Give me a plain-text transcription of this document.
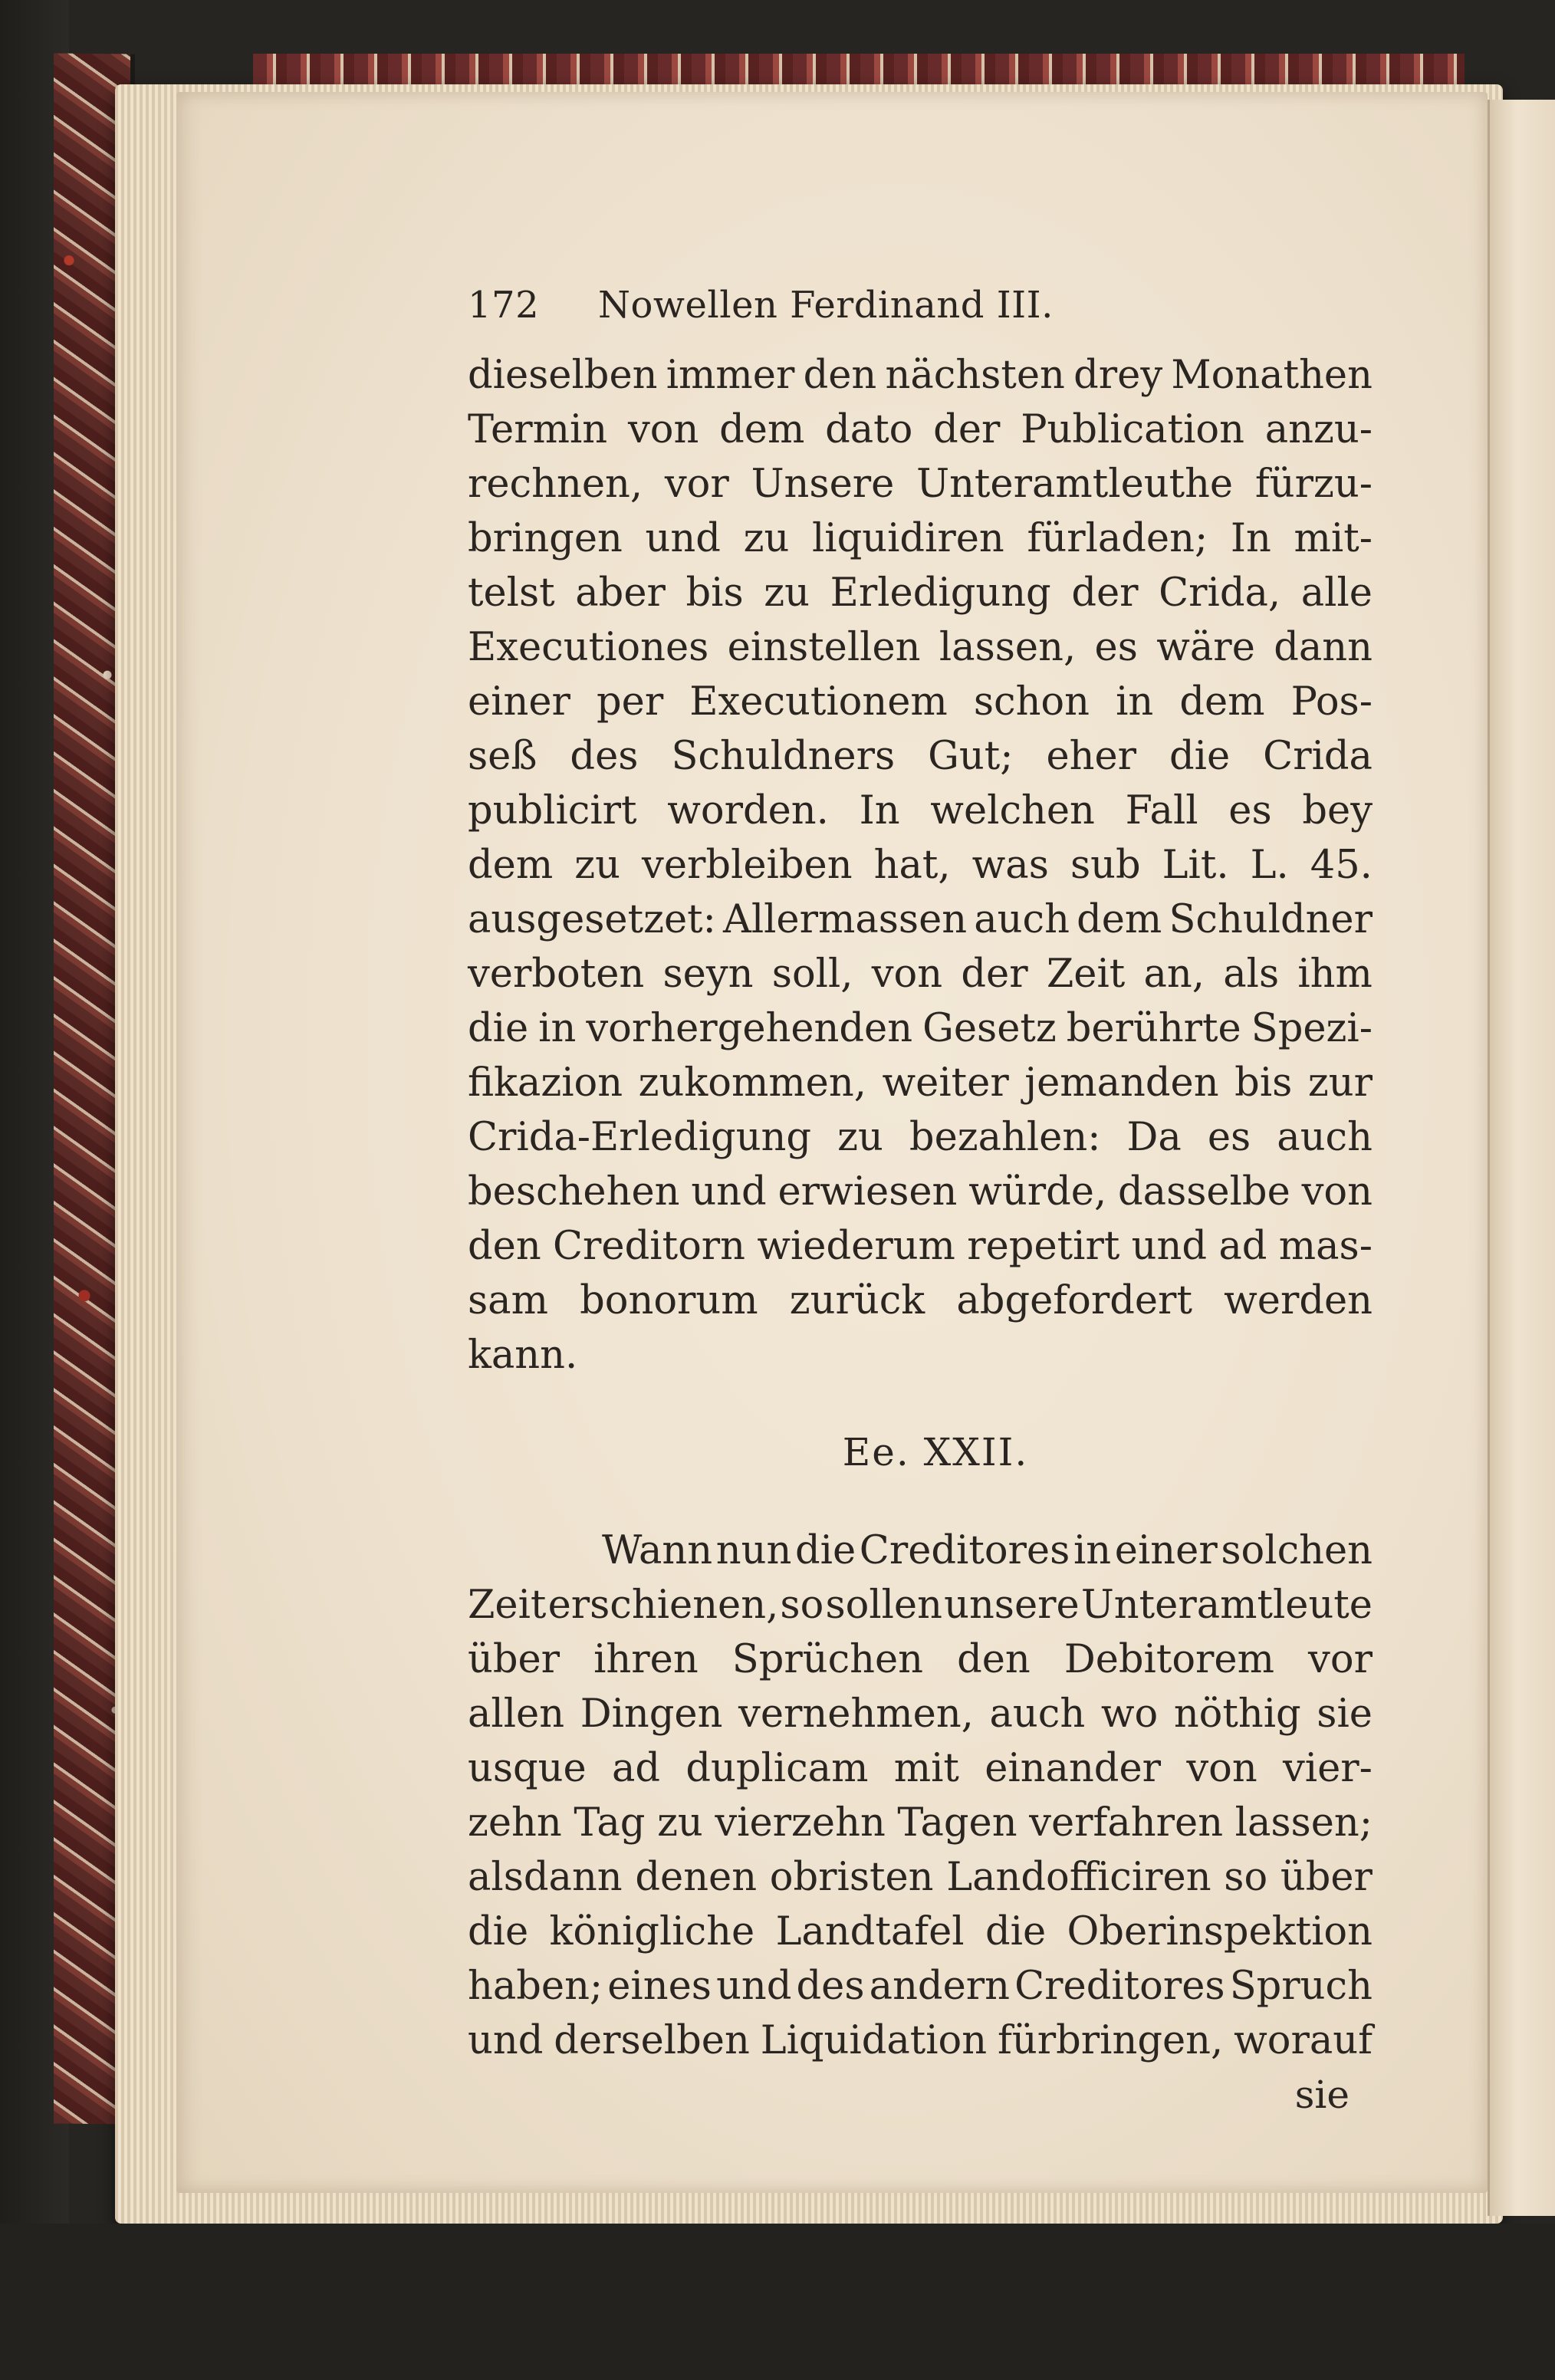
172	Nowellen Ferdinand III.
dieselben immer den nächsten drey Monathen
Termin von dem dato der Publication anzu-
rechnen, vor Unsere Unteramtleuthe fürzu-
bringen und zu liquidiren fürladen; In mit-
telst aber bis zu Erledigung der Crida, alle
Executiones einstellen lassen, es wäre dann
einer per Executionem schon in dem Pos-
seß des Schuldners Gut; eher die Crida
publicirt worden. In welchen Fall es bey
dem zu verbleiben hat, was sub Lit. L. 45.
ausgesetzet: Allermassen auch dem Schuldner
verboten seyn soll, von der Zeit an, als ihm
die in vorhergehenden Gesetz berührte Spezi-
fikazion zukommen, weiter jemanden bis zur
Crida-Erledigung zu bezahlen: Da es auch
beschehen und erwiesen würde, dasselbe von
den Creditorn wiederum repetirt und ad mas-
sam bonorum zurück abgefordert werden
kann.
Ee. XXII.
Wann nun die Creditores in einer solchen
Zeit erschienen, so sollen unsere Unteramtleute
über ihren Sprüchen den Debitorem vor
allen Dingen vernehmen, auch wo nöthig sie
usque ad duplicam mit einander von vier-
zehn Tag zu vierzehn Tagen verfahren lassen;
alsdann denen obristen Landofficiren so über
die königliche Landtafel die Oberinspektion
haben; eines und des andern Creditores Spruch
und derselben Liquidation fürbringen, worauf
sie
